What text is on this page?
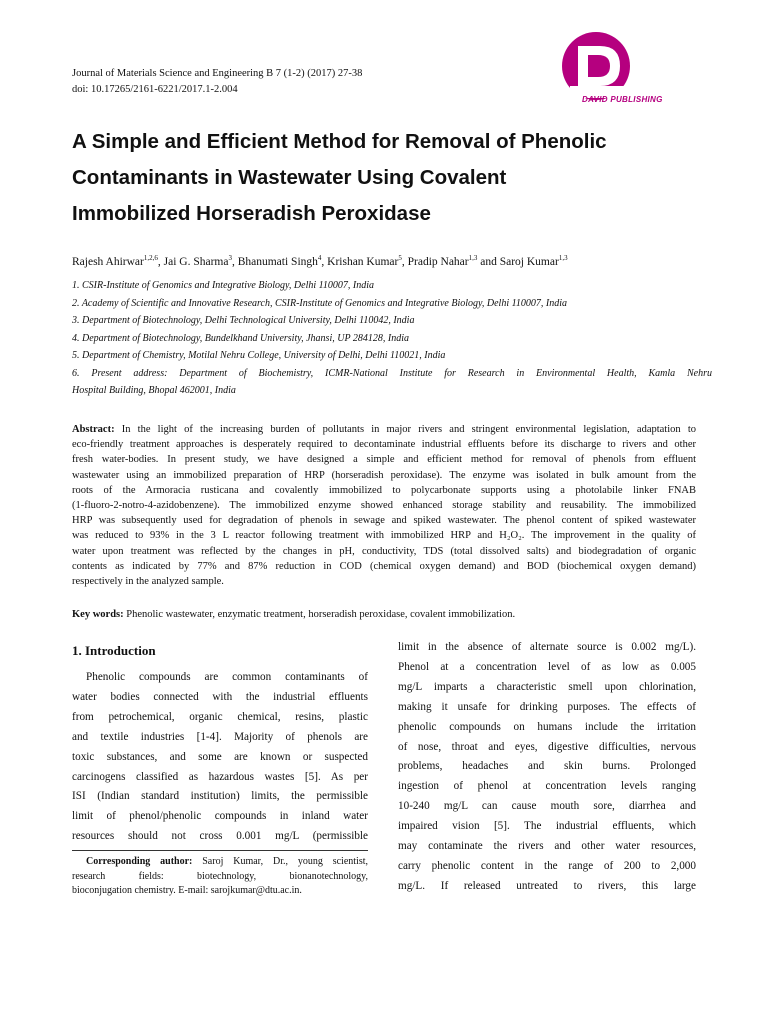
Journal of Materials Science and Engineering B 7 (1-2) (2017) 27-38
doi: 10.17265/2161-6221/2017.1-2.004
DAVID PUBLISHING
A Simple and Efficient Method for Removal of Phenolic
Contaminants in Wastewater Using Covalent
Immobilized Horseradish Peroxidase
Rajesh Ahirwar$^{1,2,6}$, Jai G. Sharma$^3$, Bhanumati Singh$^4$, Krishan Kumar$^5$, Pradip Nahar$^{1,3}$ and Saroj Kumar$^{1,3}$
1. CSIR-Institute of Genomics and Integrative Biology, Delhi 110007, India
2. Academy of Scientific and Innovative Research, CSIR-Institute of Genomics and Integrative Biology, Delhi 110007, India
3. Department of Biotechnology, Delhi Technological University, Delhi 110042, India
4. Department of Biotechnology, Bundelkhand University, Jhansi, UP 284128, India
5. Department of Chemistry, Motilal Nehru College, University of Delhi, Delhi 110021, India
6. Present address: Department of Biochemistry, ICMR-National Institute for Research in Environmental Health, Kamla Nehru
Hospital Building, Bhopal 462001, India
Abstract: In the light of the increasing burden of pollutants in major rivers and stringent environmental legislation, adaptation to
eco-friendly treatment approaches is desperately required to decontaminate industrial effluents before its discharge to rivers and other
fresh water-bodies. In present study, we have designed a simple and efficient method for removal of phenols from effluent
wastewater using an immobilized preparation of HRP (horseradish peroxidase). The enzyme was isolated in bulk amount from the
roots of the Armoracia rusticana and covalently immobilized to polycarbonate supports using a photolabile linker FNAB
(1-fluoro-2-notro-4-azidobenzene). The immobilized enzyme showed enhanced storage stability and reusability. The immobilized
HRP was subsequently used for degradation of phenols in sewage and spiked wastewater. The phenol content of spiked wastewater
was reduced to 93% in the 3 L reactor following treatment with immobilized HRP and H₂O₂. The improvement in the quality of
water upon treatment was reflected by the changes in pH, conductivity, TDS (total dissolved salts) and biodegradation of organic
contents as indicated by 77% and 87% reduction in COD (chemical oxygen demand) and BOD (biochemical oxygen demand)
respectively in the analyzed sample.
Key words: Phenolic wastewater, enzymatic treatment, horseradish peroxidase, covalent immobilization.
1. Introduction
Phenolic compounds are common contaminants of
water bodies connected with the industrial effluents
from petrochemical, organic chemical, resins, plastic
and textile industries [1-4]. Majority of phenols are
toxic substances, and some are known or suspected
carcinogens classified as hazardous wastes [5]. As per
ISI (Indian standard institution) limits, the permissible
limit of phenol/phenolic compounds in inland water
resources should not cross 0.001 mg/L (permissible
limit in the absence of alternate source is 0.002 mg/L).
Phenol at a concentration level of as low as 0.005
mg/L imparts a characteristic smell upon chlorination,
making it unsafe for drinking purposes. The effects of
phenolic compounds on humans include the irritation
of nose, throat and eyes, digestive difficulties, nervous
problems, headaches and skin burns. Prolonged
ingestion of phenol at concentration levels ranging
10-240 mg/L can cause mouth sore, diarrhea and
impaired vision [5]. The industrial effluents, which
may contaminate the rivers and other water resources,
carry phenolic content in the range of 200 to 2,000
mg/L. If released untreated to rivers, this large
Corresponding author: Saroj Kumar, Dr., young scientist,
research fields: biotechnology, bionanotechnology,
bioconjugation chemistry. E-mail: sarojkumar@dtu.ac.in.
